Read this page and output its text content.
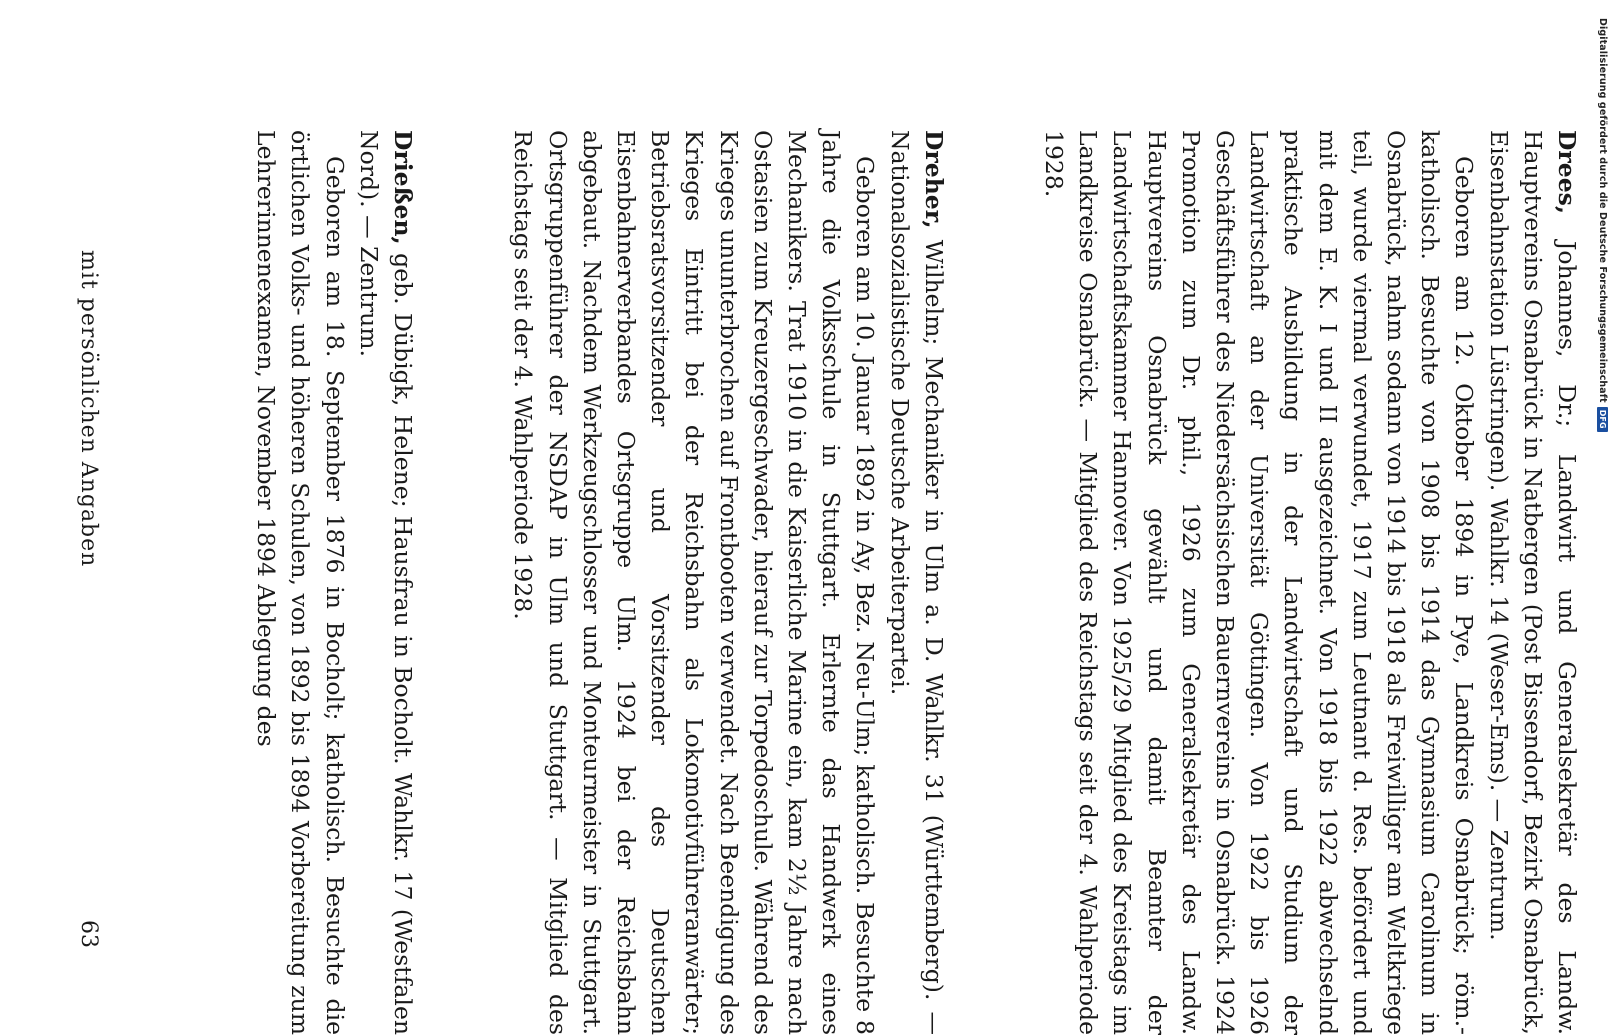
Digitalisierung gefördert durch die Deutsche ForschungsgemeinschaftDFG
mit persönlichen Angaben
63

Drees, Johannes, Dr.; Landwirt und Generalsekretär des Landw. Hauptvereins Osnabrück in Natbergen (Post Bissendorf, Bezirk Osnabrück, Eisenbahnstation Lüstringen). Wahlkr. 14 (Weser-Ems). — Zentrum.

Geboren am 12. Oktober 1894 in Pye, Landkreis Osnabrück; röm.-katholisch. Besuchte von 1908 bis 1914 das Gymnasium Carolinum in Osnabrück, nahm sodann von 1914 bis 1918 als Freiwilliger am Weltkriege teil, wurde viermal verwundet, 1917 zum Leutnant d. Res. befördert und mit dem E. K. I und II ausgezeichnet. Von 1918 bis 1922 abwechselnd praktische Ausbildung in der Landwirtschaft und Studium der Landwirtschaft an der Universität Göttingen. Von 1922 bis 1926 Geschäftsführer des Niedersächsischen Bauernvereins in Osnabrück. 1924 Promotion zum Dr. phil., 1926 zum Generalsekretär des Landw. Hauptvereins Osnabrück gewählt und damit Beamter der Landwirtschaftskammer Hannover. Von 1925/29 Mitglied des Kreistags im Landkreise Osnabrück. — Mitglied des Reichstags seit der 4. Wahlperiode 1928.

Dreher, Wilhelm; Mechaniker in Ulm a. D. Wahlkr. 31 (Württemberg). — Nationalsozialistische Deutsche Arbeiterpartei.

Geboren am 10. Januar 1892 in Ay, Bez. Neu-Ulm; katholisch. Besuchte 8 Jahre die Volksschule in Stuttgart. Erlernte das Handwerk eines Mechanikers. Trat 1910 in die Kaiserliche Marine ein, kam 2½ Jahre nach Ostasien zum Kreuzergeschwader, hierauf zur Torpedoschule. Während des Krieges ununterbrochen auf Frontbooten verwendet. Nach Beendigung des Krieges Eintritt bei der Reichsbahn als Lokomotivführeranwärter; Betriebsratsvorsitzender und Vorsitzender des Deutschen Eisenbahnerverbandes Ortsgruppe Ulm. 1924 bei der Reichsbahn abgebaut. Nachdem Werkzeugschlosser und Monteurmeister in Stuttgart. Ortsgruppenführer der NSDAP in Ulm und Stuttgart. — Mitglied des Reichstags seit der 4. Wahlperiode 1928.

Drießen, geb. Dübigk, Helene; Hausfrau in Bocholt. Wahlkr. 17 (Westfalen Nord). — Zentrum.

Geboren am 18. September 1876 in Bocholt; katholisch. Besuchte die örtlichen Volks- und höheren Schulen, von 1892 bis 1894 Vorbereitung zum Lehrerinnenexamen, November 1894 Ablegung des
